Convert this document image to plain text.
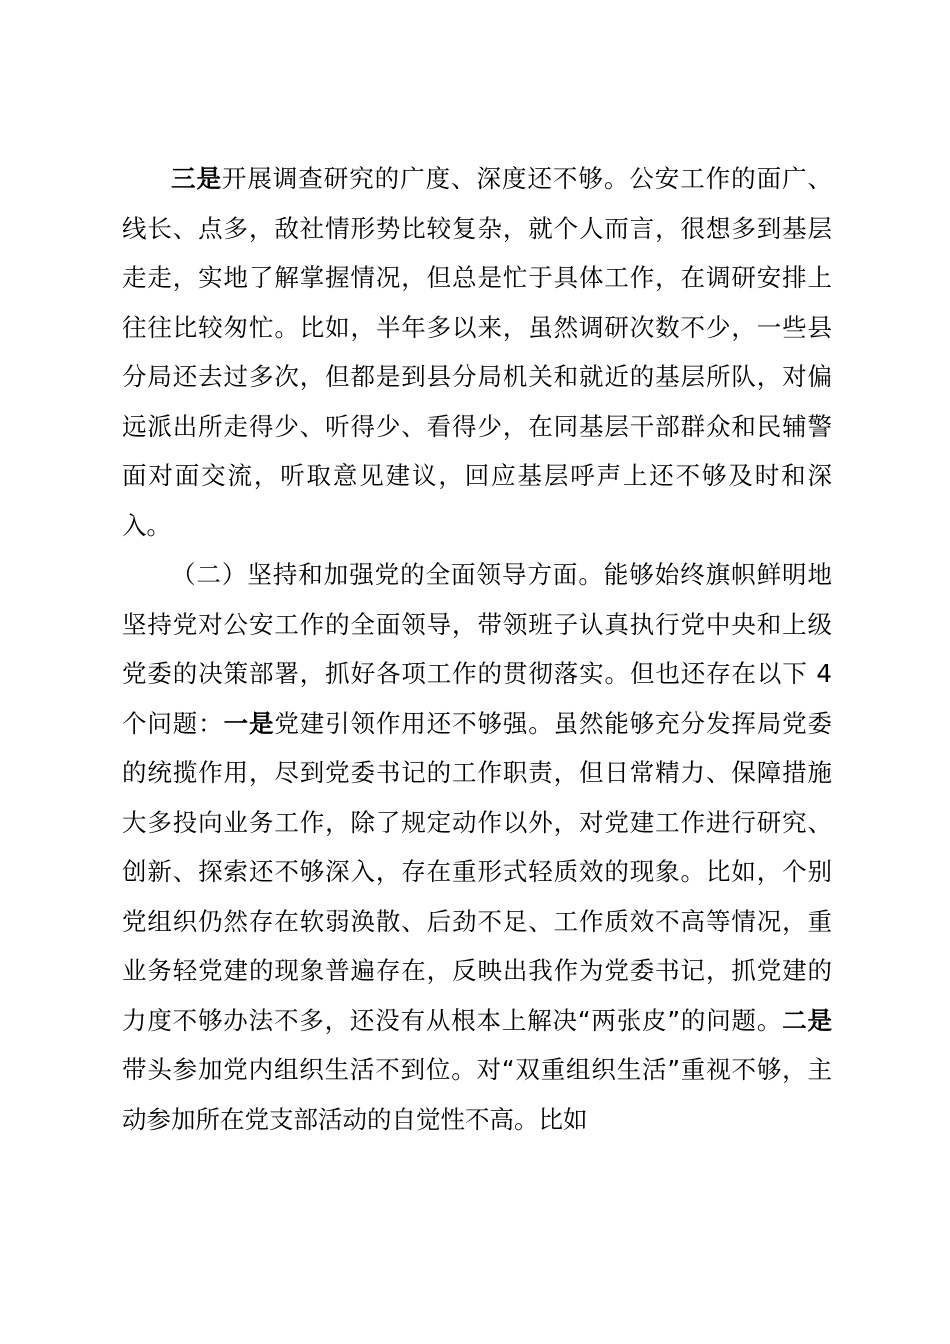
三是开展调查研究的广度、深度还不够。公安工作的面广、线长、点多，敌社情形势比较复杂，就个人而言，很想多到基层走走，实地了解掌握情况，但总是忙于具体工作，在调研安排上往往比较匆忙。比如，半年多以来，虽然调研次数不少，一些县分局还去过多次，但都是到县分局机关和就近的基层所队，对偏远派出所走得少、听得少、看得少，在同基层干部群众和民辅警面对面交流，听取意见建议，回应基层呼声上还不够及时和深入。

（二）坚持和加强党的全面领导方面。能够始终旗帜鲜明地坚持党对公安工作的全面领导，带领班子认真执行党中央和上级党委的决策部署，抓好各项工作的贯彻落实。但也还存在以下 4 个问题：一是党建引领作用还不够强。虽然能够充分发挥局党委的统揽作用，尽到党委书记的工作职责，但日常精力、保障措施大多投向业务工作，除了规定动作以外，对党建工作进行研究、创新、探索还不够深入，存在重形式轻质效的现象。比如，个别党组织仍然存在软弱涣散、后劲不足、工作质效不高等情况，重业务轻党建的现象普遍存在，反映出我作为党委书记，抓党建的力度不够办法不多，还没有从根本上解决“两张皮”的问题。二是带头参加党内组织生活不到位。对“双重组织生活”重视不够，主动参加所在党支部活动的自觉性不高。比如
